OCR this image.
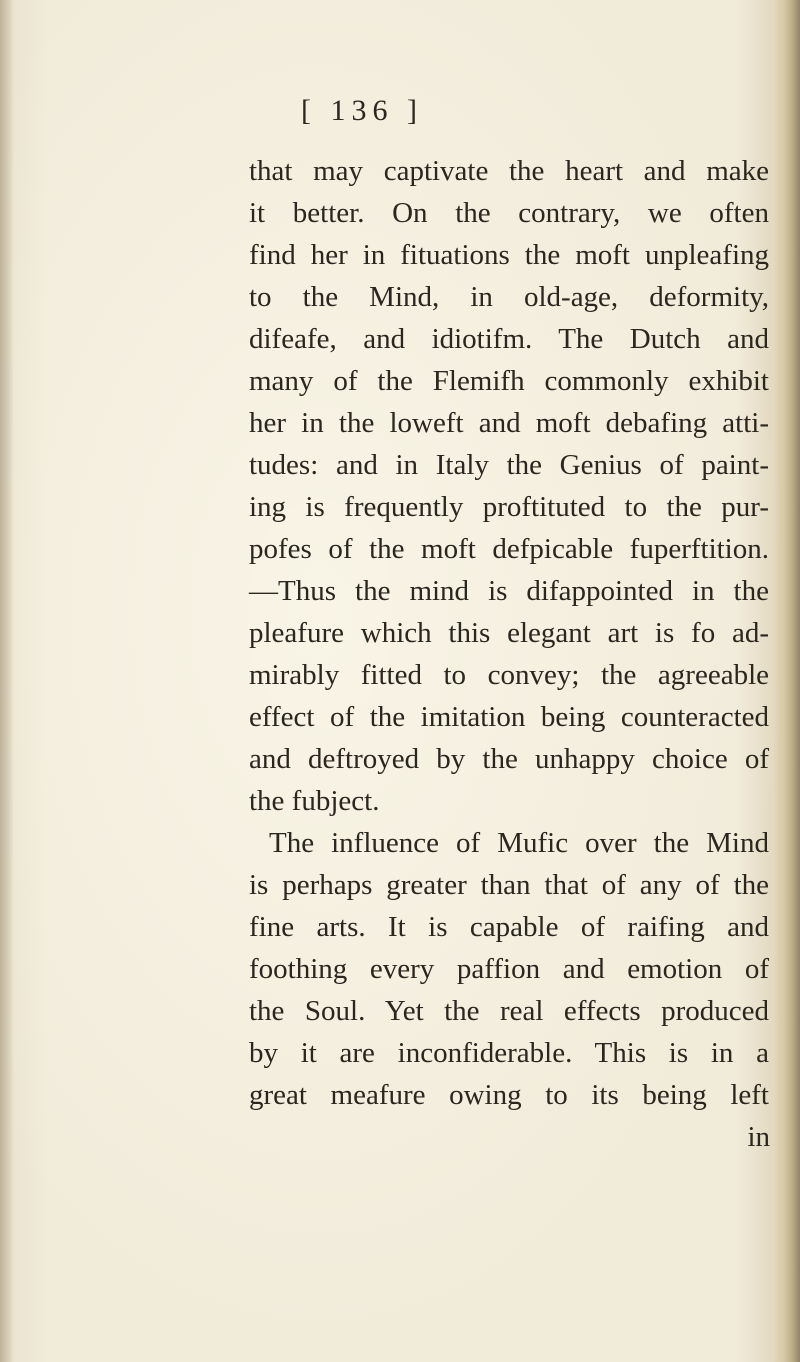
[ 136 ]
that may captivate the heart and make
it better. On the contrary, we often
find her in fituations the moft unpleafing
to the Mind, in old-age, deformity,
difeafe, and idiotifm. The Dutch and
many of the Flemifh commonly exhibit
her in the loweft and moft debafing atti-
tudes: and in Italy the Genius of paint-
ing is frequently proftituted to the pur-
pofes of the moft defpicable fuperftition.
—Thus the mind is difappointed in the
pleafure which this elegant art is fo ad-
mirably fitted to convey; the agreeable
effect of the imitation being counteracted
and deftroyed by the unhappy choice of
the fubject.
The influence of Mufic over the Mind
is perhaps greater than that of any of the
fine arts. It is capable of raifing and
foothing every paffion and emotion of
the Soul. Yet the real effects produced
by it are inconfiderable. This is in a
great meafure owing to its being left
in
